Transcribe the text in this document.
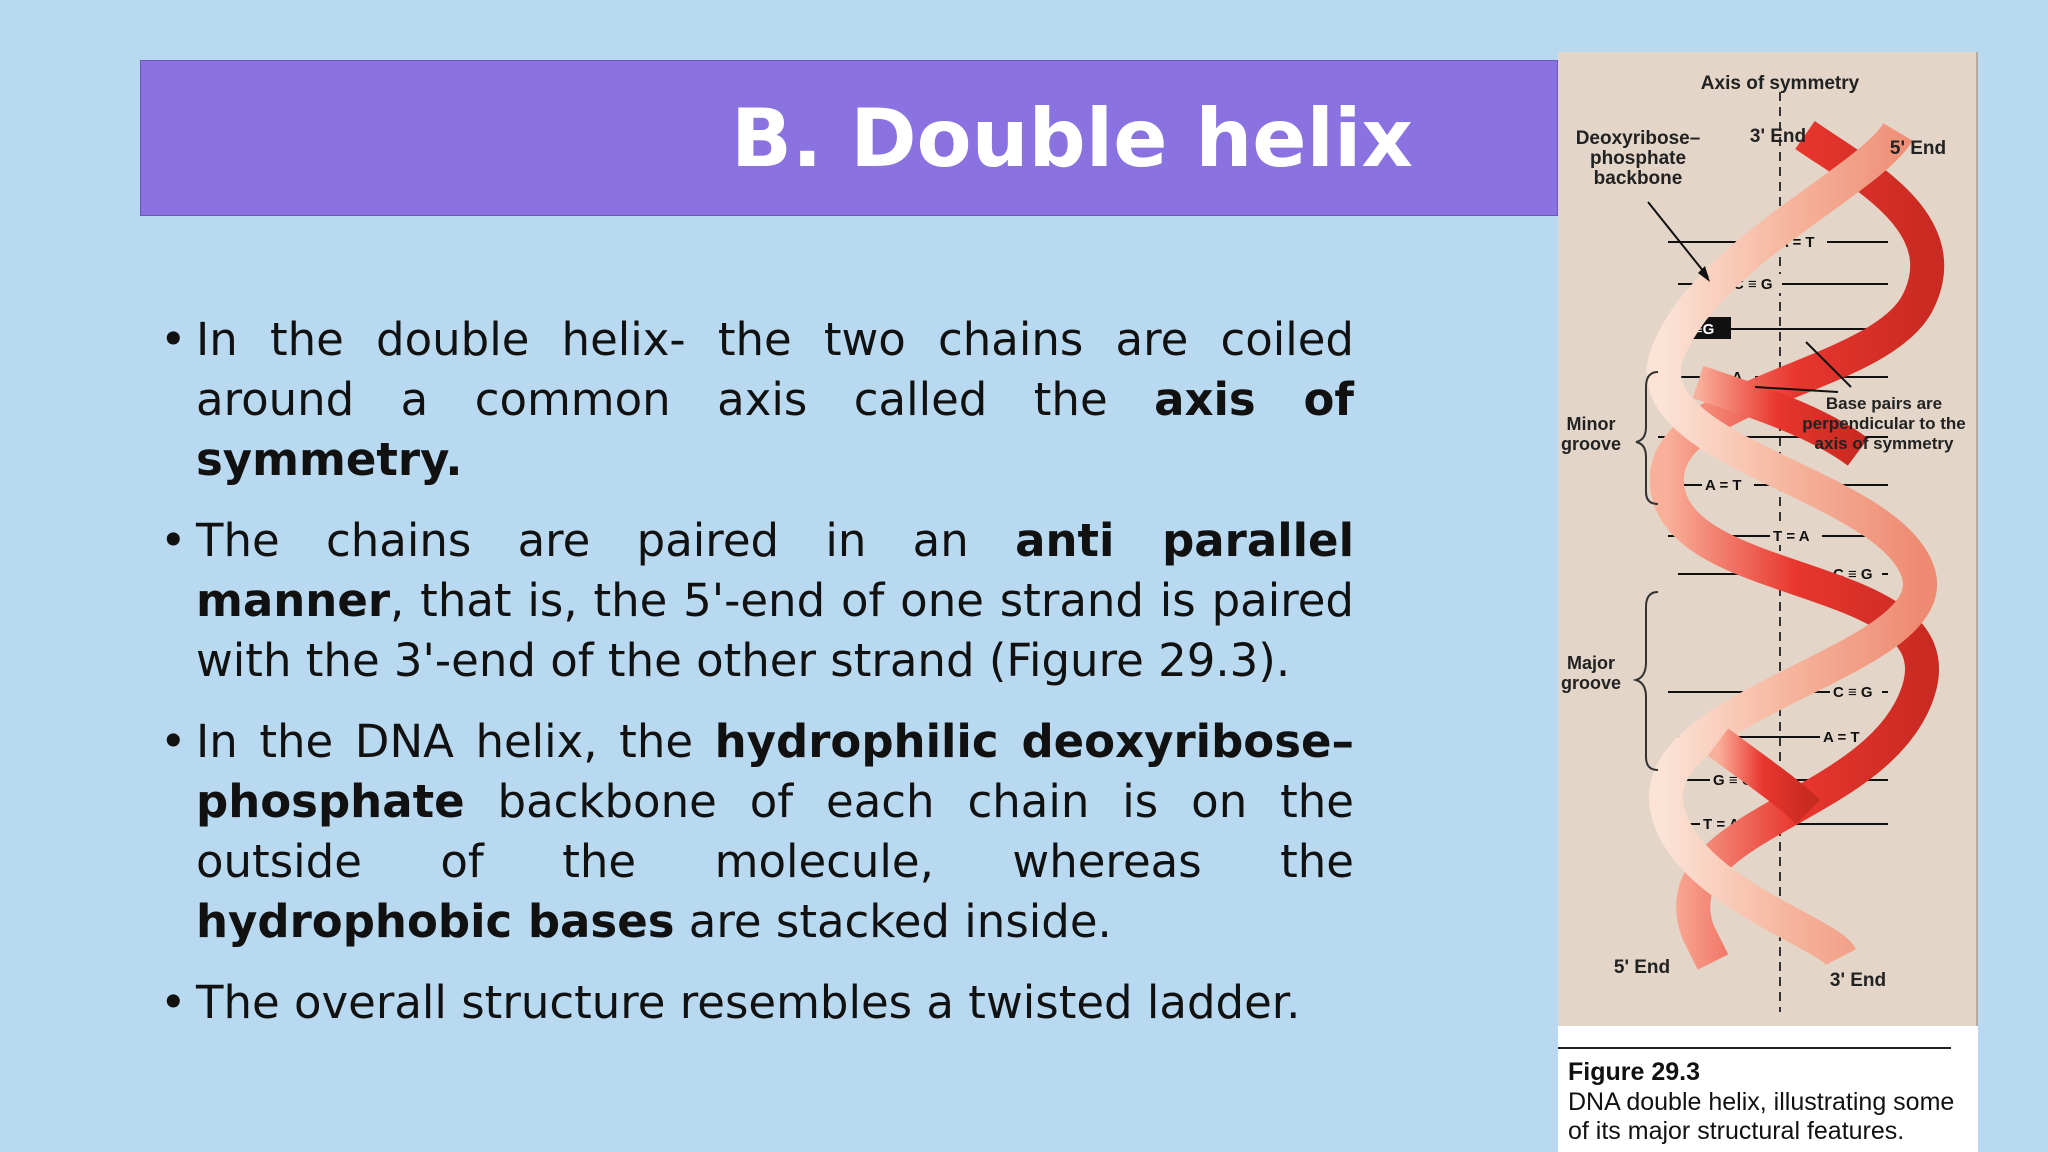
B. Double helix
• In the double helix- the two chains are coiled around a common axis called the axis of symmetry.
• The chains are paired in an anti parallel manner, that is, the 5'-end of one strand is paired with the 3'-end of the other strand (Figure 29.3).
• In the DNA helix, the hydrophilic deoxyribose–phosphate backbone of each chain is on the outside of the molecule, whereas the hydrophobic bases are stacked inside.
• The overall structure resembles a twisted ladder.
A = T
C ≡ G
C≡G
T = A
G ≡ C
A = T
T = A
C ≡ G
C ≡ G
A = T
G ≡ C
T = A
Axis of symmetry
Deoxyribose–
phosphate
backbone
3' End
5' End
Minor
groove
Major
groove
Base pairs are
perpendicular to the
axis of symmetry
5' End
3' End
Figure 29.3
DNA double helix, illustrating some of its major structural features.
